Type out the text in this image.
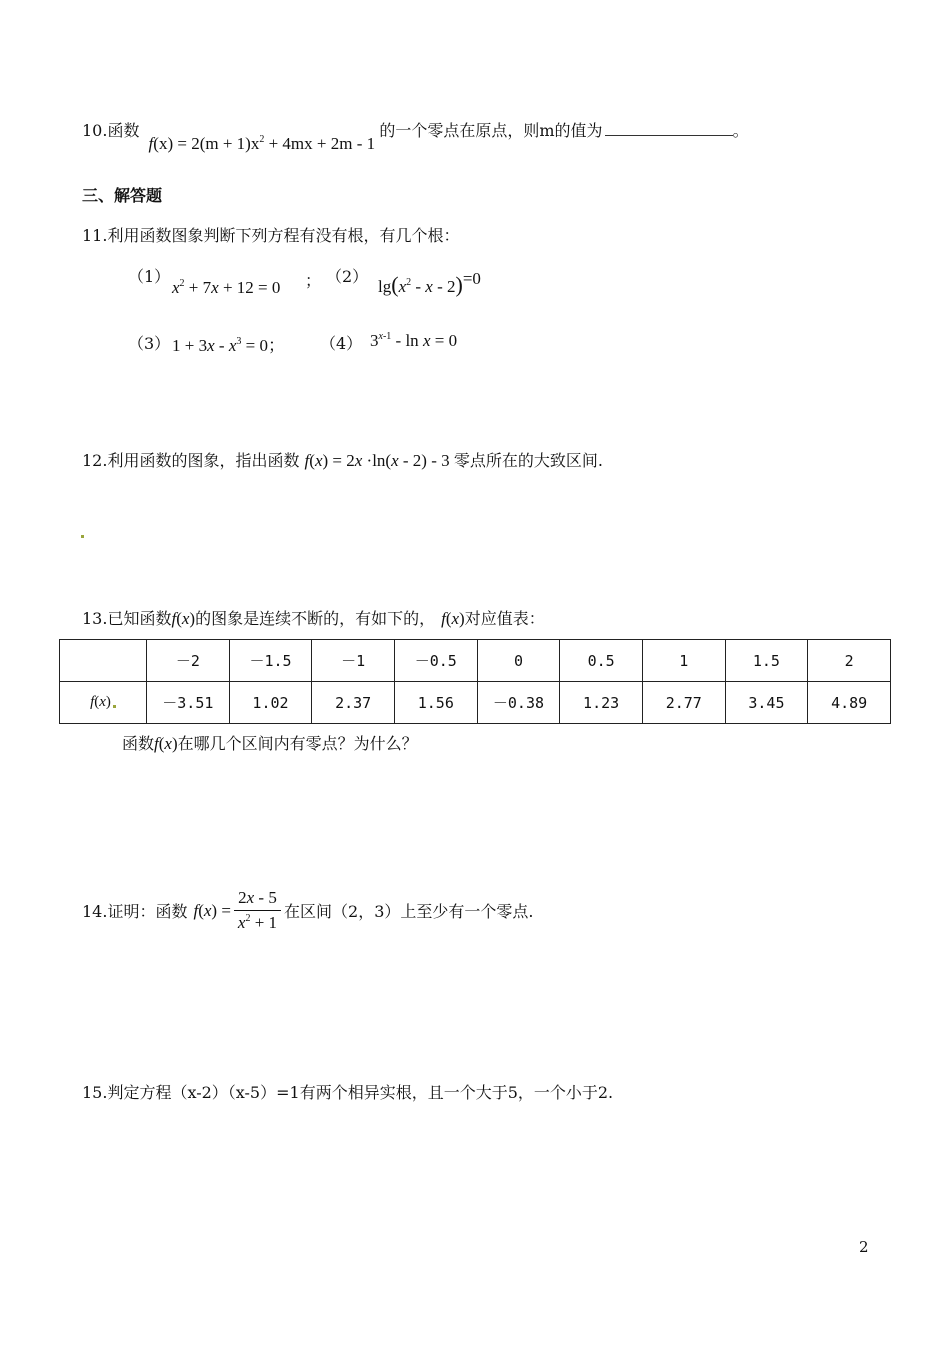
10.函数 $f(x) = 2(m + 1)x^2 + 4mx + 2m - 1$ 的一个零点在原点，则m的值为	。
三、解答题
11.利用函数图象判断下列方程有没有根，有几个根：
（1）
$x^2 + 7x + 12 = 0$ ； （2）
$\lg(x^2 - x - 2)=0$
（3） $1 + 3x - x^3 = 0$； （4） 3$^{x-1}$ - ln x = 0
12.利用函数的图象，指出函数 f(x) = 2x ·ln(x - 2) - 3 零点所在的大致区间.
13.已知函数f(x)的图象是连续不断的，有如下的， f(x)对应值表：
	－2	－1.5	－1	－0.5	0	0.5	1	1.5	2
f(x)	－3.51	1.02	2.37	1.56	－0.38	1.23	2.77	3.45	4.89
函数f(x)在哪几个区间内有零点？为什么？
14.证明：函数 $f(x) = \frac{2x - 5}{x^2 + 1}$ 在区间（2，3）上至少有一个零点.
15.判定方程（x-2）（x-5）=1有两个相异实根，且一个大于5，一个小于2.
2
